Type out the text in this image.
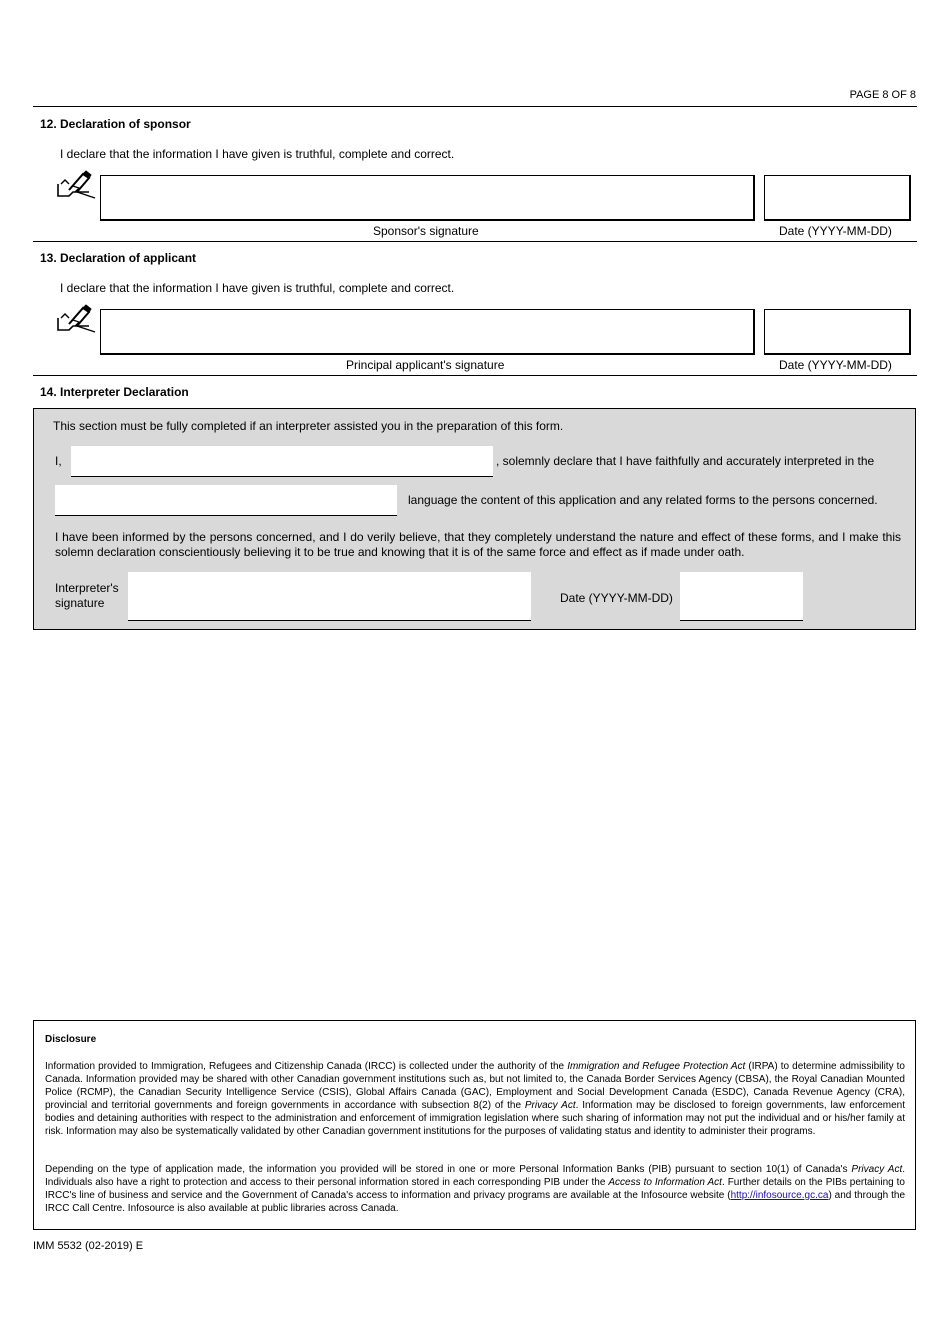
PAGE 8 OF 8
12. Declaration of sponsor
I declare that the information I have given is truthful, complete and correct.
Sponsor's signature	Date (YYYY-MM-DD)
13. Declaration of applicant
I declare that the information I have given is truthful, complete and correct.
Principal applicant's signature	Date (YYYY-MM-DD)
14. Interpreter Declaration
This section must be fully completed if an interpreter assisted you in the preparation of this form.
I,	, solemnly declare that I have faithfully and accurately interpreted in the
language the content of this application and any related forms to the persons concerned.
I have been informed by the persons concerned, and I do verily believe, that they completely understand the nature and effect of these forms, and I make this solemn declaration conscientiously believing it to be true and knowing that it is of the same force and effect as if made under oath.
Interpreter's
signature	Date (YYYY-MM-DD)
Disclosure

Information provided to Immigration, Refugees and Citizenship Canada (IRCC) is collected under the authority of the Immigration and Refugee Protection Act (IRPA) to determine admissibility to Canada. Information provided may be shared with other Canadian government institutions such as, but not limited to, the Canada Border Services Agency (CBSA), the Royal Canadian Mounted Police (RCMP), the Canadian Security Intelligence Service (CSIS), Global Affairs Canada (GAC), Employment and Social Development Canada (ESDC), Canada Revenue Agency (CRA), provincial and territorial governments and foreign governments in accordance with subsection 8(2) of the Privacy Act. Information may be disclosed to foreign governments, law enforcement bodies and detaining authorities with respect to the administration and enforcement of immigration legislation where such sharing of information may not put the individual and or his/her family at risk. Information may also be systematically validated by other Canadian government institutions for the purposes of validating status and identity to administer their programs.

Depending on the type of application made, the information you provided will be stored in one or more Personal Information Banks (PIB) pursuant to section 10(1) of Canada's Privacy Act. Individuals also have a right to protection and access to their personal information stored in each corresponding PIB under the Access to Information Act. Further details on the PIBs pertaining to IRCC's line of business and service and the Government of Canada's access to information and privacy programs are available at the Infosource website (http://infosource.gc.ca) and through the IRCC Call Centre. Infosource is also available at public libraries across Canada.

IMM 5532 (02-2019) E
